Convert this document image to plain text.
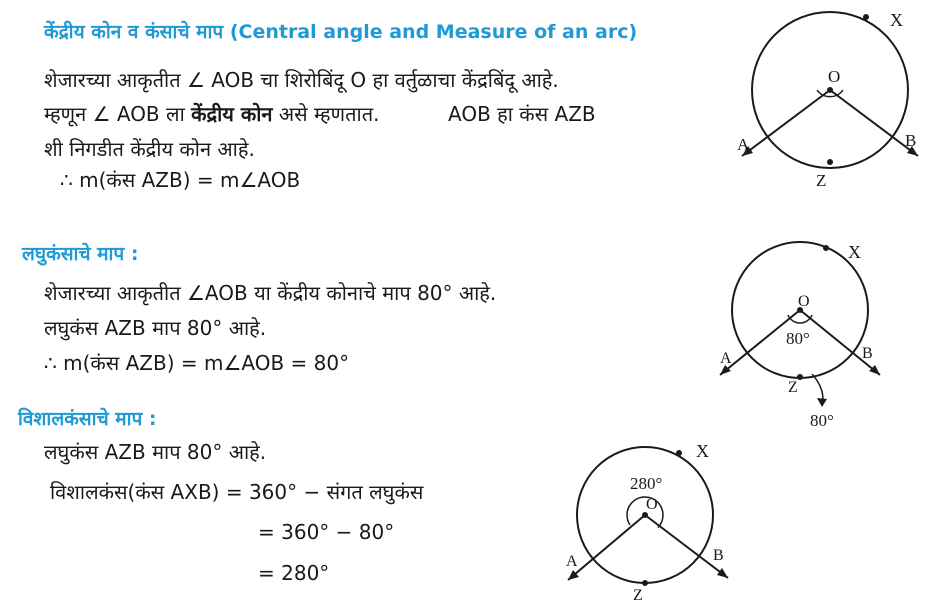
केंद्रीय कोन व कंसाचे माप (Central angle and Measure of an arc)
शेजारच्या आकृतीत ∠ AOB चा शिरोबिंदू O हा वर्तुळाचा केंद्रबिंदू आहे.
म्हणून ∠ AOB ला केंद्रीय कोन असे म्हणतात.	AOB हा कंस AZB
शी निगडीत केंद्रीय कोन आहे.
∴ m(कंस AZB) = m∠AOB
X
O
A	B
Z
लघुकंसाचे माप :
शेजारच्या आकृतीत ∠AOB या केंद्रीय कोनाचे माप 80° आहे.
लघुकंस AZB माप 80° आहे.
∴ m(कंस AZB) = m∠AOB = 80°
X
O
80°
A	B
Z
80°
विशालकंसाचे माप :
लघुकंस AZB माप 80° आहे.
विशालकंस(कंस AXB) = 360° − संगत लघुकंस
= 360° − 80°
= 280°
X
280°
O
A	B
Z
